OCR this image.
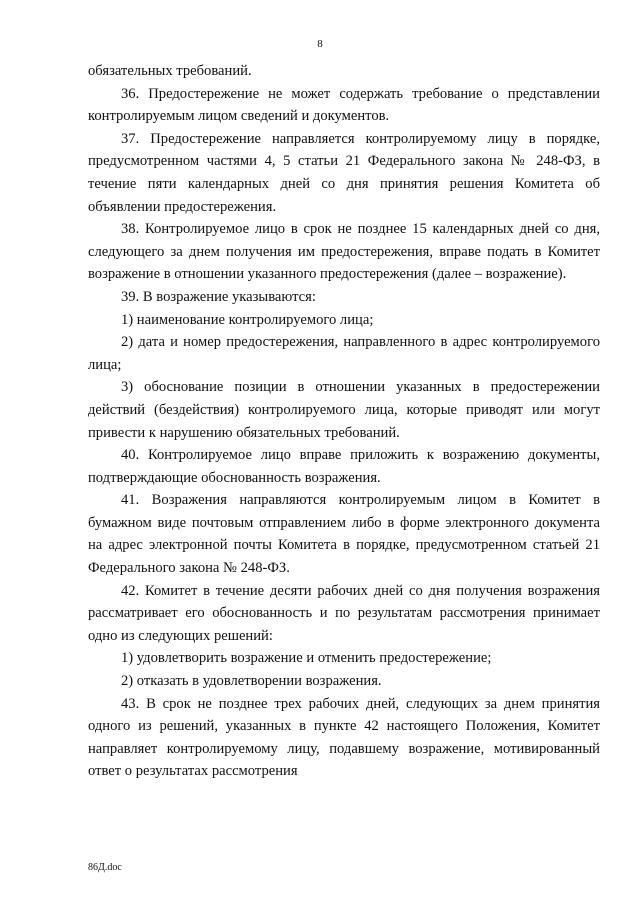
8

обязательных требований.

36. Предостережение не может содержать требование о представлении контролируемым лицом сведений и документов.

37. Предостережение направляется контролируемому лицу в порядке, предусмотренном частями 4, 5 статьи 21 Федерального закона № 248-ФЗ, в течение пяти календарных дней со дня принятия решения Комитета об объявлении предостережения.

38. Контролируемое лицо в срок не позднее 15 календарных дней со дня, следующего за днем получения им предостережения, вправе подать в Комитет возражение в отношении указанного предостережения (далее – возражение).

39. В возражение указываются:

1) наименование контролируемого лица;

2) дата и номер предостережения, направленного в адрес контролируемого лица;

3) обоснование позиции в отношении указанных в предостережении действий (бездействия) контролируемого лица, которые приводят или могут привести к нарушению обязательных требований.

40. Контролируемое лицо вправе приложить к возражению документы, подтверждающие обоснованность возражения.

41. Возражения направляются контролируемым лицом в Комитет в бумажном виде почтовым отправлением либо в форме электронного документа на адрес электронной почты Комитета в порядке, предусмотренном статьей 21 Федерального закона № 248-ФЗ.

42. Комитет в течение десяти рабочих дней со дня получения возражения рассматривает его обоснованность и по результатам рассмотрения принимает одно из следующих решений:

1) удовлетворить возражение и отменить предостережение;

2) отказать в удовлетворении возражения.

43. В срок не позднее трех рабочих дней, следующих за днем принятия одного из решений, указанных в пункте 42 настоящего Положения, Комитет направляет контролируемому лицу, подавшему возражение, мотивированный ответ о результатах рассмотрения

86Д.doc
